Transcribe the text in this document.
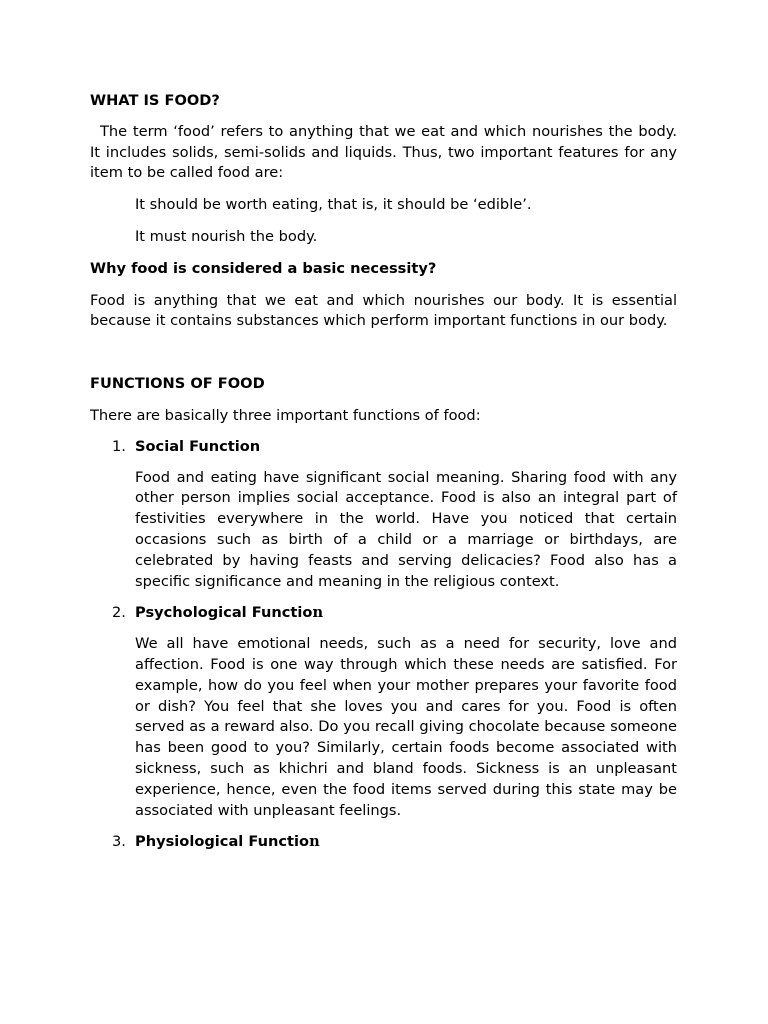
WHAT IS FOOD?

The term ‘food’ refers to anything that we eat and which nourishes the body. It includes solids, semi-solids and liquids. Thus, two important features for any item to be called food are:

It should be worth eating, that is, it should be ‘edible’.

It must nourish the body.

Why food is considered a basic necessity?

Food is anything that we eat and which nourishes our body. It is essential because it contains substances which perform important functions in our body.

FUNCTIONS OF FOOD

There are basically three important functions of food:

1. Social Function

Food and eating have significant social meaning. Sharing food with any other person implies social acceptance. Food is also an integral part of festivities everywhere in the world. Have you noticed that certain occasions such as birth of a child or a marriage or birthdays, are celebrated by having feasts and serving delicacies? Food also has a specific significance and meaning in the religious context.

2. Psychological Function

We all have emotional needs, such as a need for security, love and affection. Food is one way through which these needs are satisfied. For example, how do you feel when your mother prepares your favorite food or dish? You feel that she loves you and cares for you. Food is often served as a reward also. Do you recall giving chocolate because someone has been good to you? Similarly, certain foods become associated with sickness, such as khichri and bland foods. Sickness is an unpleasant experience, hence, even the food items served during this state may be associated with unpleasant feelings.

3. Physiological Function
